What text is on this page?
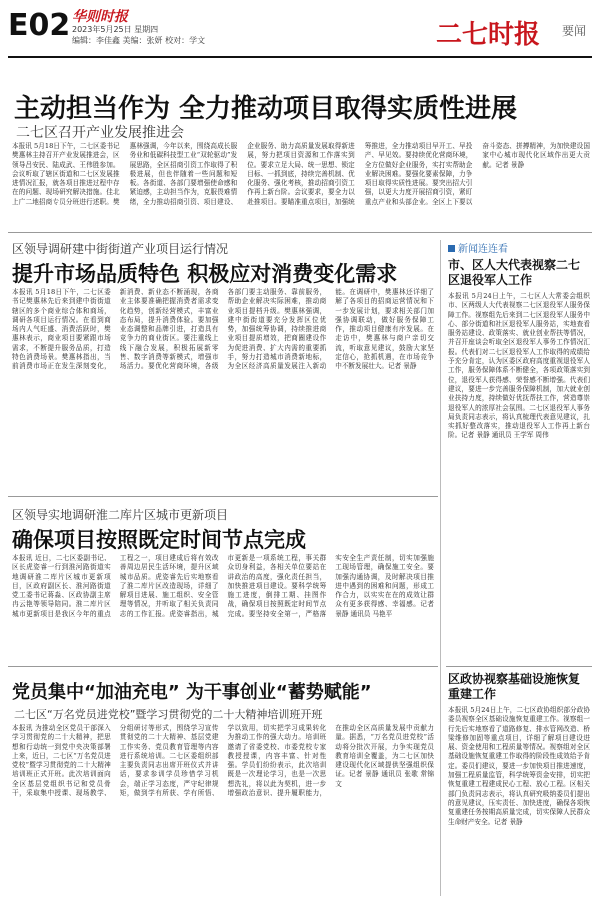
E02 华则时报
2023年5月25日 星期四
编辑：李佳鑫 美编：张妍 校对：学文	二七时报 要闻
主动担当作为 全力推动项目取得实质性进展
二七区召开产业发展推进会
本报讯 5月18日下午，二七区委书记樊惠林主持召开产业发展推进会，区领导吕安民、陆成武、王伟胜参加。会议听取了辖区街道和二七区发展推进情况汇报，就各项目推进过程中存在的问题、现场研究解决措施。佳北上广二地招商专员分班进行述职。樊惠林强调，今年以来，围绕高成长服务业和低碳科技型工业“双轮驱动”发展思路，全区招商引资工作取得了积极进展，但也伴随着一些问题和短板。各街道、各部门要增强使命感和紧迫感，主动担当作为，克服畏难情绪，全力推动招商引资、项目建设、企业服务、助力高质量发展取得新进展，努力把项目资源和工作落实到位。要求立足大局、统一思想、锁定目标、一抓到底，持续完善机制、优化服务、强化考核，推动招商引资工作再上新台阶。会议要求，要全力以赴推项目。要瞄准重点项目，加强统筹推进，全力推动项目早开工、早投产、早见效。要持续优化营商环境，全方位做好企业服务，实打实帮助企业解决困难。要强化要素保障，力争项目取得实质性进展。要突出招大引强，以更大力度开展招商引资，紧盯重点产业和头部企业。全区上下要以奋斗姿态、拼搏精神，为加快建设国家中心城市现代化区域作出更大贡献。记者 景静
区领导调研建中街街道产业项目运行情况
提升市场品质特色 积极应对消费变化需求
本报讯 5月18日下午，二七区委书记樊惠林先后来到建中街街道辖区的多个商业综合体和商场，调研各项目运行情况。在看到商场内人气旺盛、消费活跃时，樊惠林表示，商业项目要紧跟市场需求，不断提升服务品质，打造特色消费场景。樊惠林指出，当前消费市场正在发生深刻变化，新消费、新业态不断涌现，各商业主体要准确把握消费者需求变化趋势，创新经营模式，丰富业态布局，提升消费体验。要加强业态调整和品牌引进，打造具有竞争力的商业街区。要注重线上线下融合发展，积极拓展新零售、数字消费等新模式，增强市场活力。要优化营商环境，各级各部门要主动服务、靠前服务，帮助企业解决实际困难，推动商业项目提档升级。樊惠林强调，建中街街道要充分发挥区位优势，加强统筹协调，持续推进商业项目提质增效，把商圈建设作为促进消费、扩大内需的重要抓手，努力打造城市消费新地标，为全区经济高质量发展注入新动能。在调研中，樊惠林还详细了解了各项目的招商运营情况和下一步发展计划，要求相关部门加强协调联动，做好服务保障工作，推动项目健康有序发展。在走访中，樊惠林与商户亲切交流，听取意见建议，鼓励大家坚定信心，抢抓机遇，在市场竞争中不断发展壮大。记者 景静
区领导实地调研淮二库片区城市更新项目
确保项目按照既定时间节点完成
本报讯 近日，二七区委副书记、区长虎姿睿一行到淮河路街道实地调研淮二库片区城市更新项目，区政府副区长、淮河路街道党工委书记蒋淼、区政协副主席冉云艳等领导陪同。淮二库片区城市更新项目是我区今年的重点工程之一，项目建成后将有效改善周边居民生活环境，提升区域城市品质。虎姿睿先后实地察看了淮二库片区改造现场，详细了解项目进展、施工组织、安全管理等情况，并听取了相关负责同志的工作汇报。虎姿睿指出，城市更新是一项系统工程，事关群众切身利益，各相关单位要站在讲政治的高度，强化责任担当，加快推进项目建设。要科学统筹施工进度，倒排工期、挂图作战，确保项目按照既定时间节点完成。要坚持安全第一，严格落实安全生产责任制，切实加强施工现场管理，确保施工安全。要加强沟通协调，及时解决项目推进中遇到的困难和问题，形成工作合力，以实实在在的成效让群众有更多获得感、幸福感。记者 景静 通讯员 马艳平
党员集中“加油充电” 为干事创业“蓄势赋能”
二七区“万名党员进党校”暨学习贯彻党的二十大精神培训班开班
本报讯 为推动全区党员干部深入学习贯彻党的二十大精神，把思想和行动统一到党中央决策部署上来，近日，二七区“万名党员进党校”暨学习贯彻党的二十大精神培训班正式开班。此次培训面向全区基层党组织书记和党员骨干，采取集中授课、现场教学、分组研讨等形式，围绕学习宣传贯彻党的二十大精神、基层党建工作实务、党员教育管理等内容进行系统培训。二七区委组织部主要负责同志出席开班仪式并讲话，要求参训学员珍惜学习机会，端正学习态度，严守纪律规矩，做到学有所获、学有所悟、学以致用，切实把学习成果转化为推动工作的强大动力。培训班邀请了省委党校、市委党校专家教授授课，内容丰富、针对性强。学员们纷纷表示，此次培训既是一次理论学习，也是一次思想洗礼，将以此为契机，进一步增强政治意识、提升履职能力，在推动全区高质量发展中贡献力量。据悉，“万名党员进党校”活动将分批次开展，力争实现党员教育培训全覆盖，为二七区加快建设现代化区域提供坚强组织保证。记者 景静 通讯员 张歌 常锦文
新闻连连看
市、区人大代表视察二七区退役军人工作
本报讯 5月24日上午，二七区人大常委会组织市、区两级人大代表视察二七区退役军人服务保障工作。视察组先后来到二七区退役军人服务中心、部分街道和社区退役军人服务站，实地查看服务站建设、政策落实、就业创业帮扶等情况，并召开座谈会听取全区退役军人事务工作情况汇报。代表们对二七区退役军人工作取得的成绩给予充分肯定，认为区委区政府高度重视退役军人工作，服务保障体系不断健全，各项政策落实到位，退役军人获得感、荣誉感不断增强。代表们建议，要进一步完善服务保障机制，加大就业创业扶持力度，持续做好优抚帮扶工作，营造尊崇退役军人的浓厚社会氛围。二七区退役军人事务局负责同志表示，将认真梳理代表意见建议，扎实抓好整改落实，推动退役军人工作再上新台阶。记者 景静 通讯员 王学军 周伟
区政协视察基础设施恢复重建工作
本报讯 5月24日上午，二七区政协组织部分政协委员视察全区基础设施恢复重建工作。视察组一行先后实地察看了道路修复、排水管网改造、桥梁维修加固等重点项目，详细了解项目建设进展、资金使用和工程质量等情况。视察组对全区基础设施恢复重建工作取得的阶段性成效给予肯定。委员们建议，要进一步加快项目推进速度，加强工程质量监管，科学统筹资金安排，切实把恢复重建工程建成民心工程、放心工程。区相关部门负责同志表示，将认真研究吸纳委员们提出的意见建议，压实责任、加快进度，确保各项恢复重建任务按期高质量完成，切实保障人民群众生命财产安全。记者 景静
